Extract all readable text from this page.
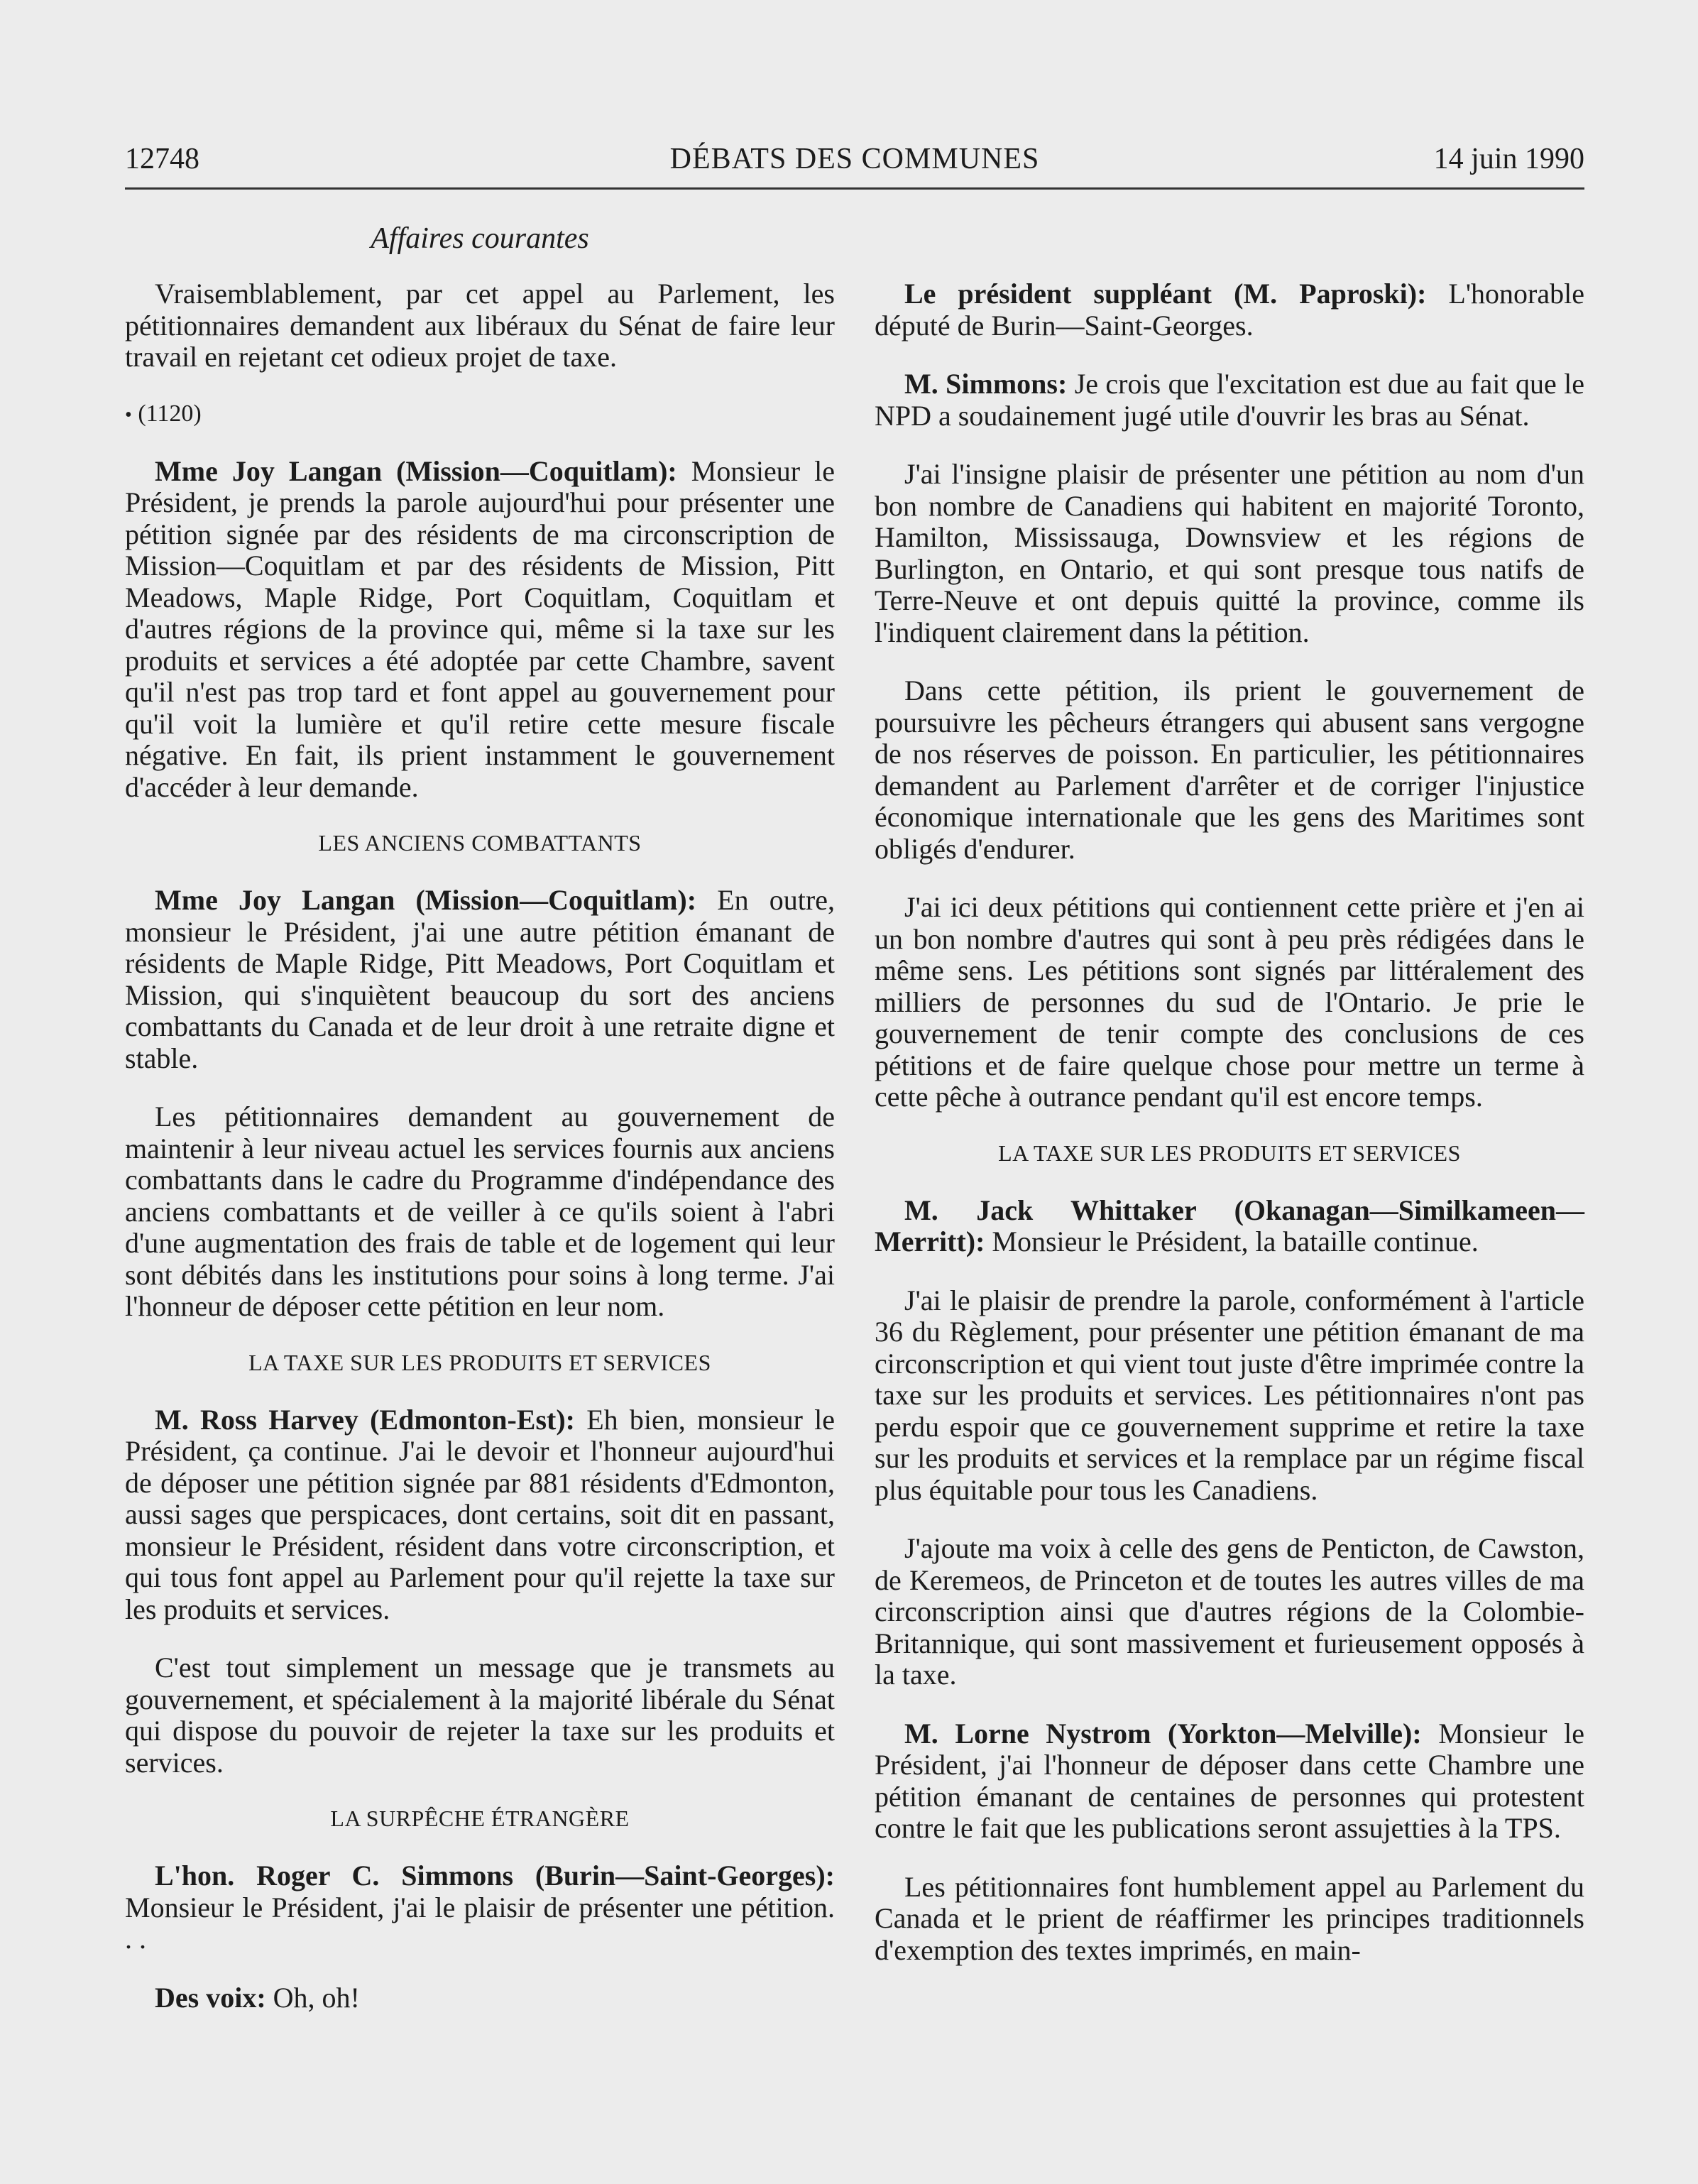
12748	DÉBATS DES COMMUNES	14 juin 1990
Affaires courantes

Vraisemblablement, par cet appel au Parlement, les pétitionnaires demandent aux libéraux du Sénat de faire leur travail en rejetant cet odieux projet de taxe.

• (1120)

Mme Joy Langan (Mission—Coquitlam): Monsieur le Président, je prends la parole aujourd'hui pour présenter une pétition signée par des résidents de ma circonscription de Mission—Coquitlam et par des résidents de Mission, Pitt Meadows, Maple Ridge, Port Coquitlam, Coquitlam et d'autres régions de la province qui, même si la taxe sur les produits et services a été adoptée par cette Chambre, savent qu'il n'est pas trop tard et font appel au gouvernement pour qu'il voit la lumière et qu'il retire cette mesure fiscale négative. En fait, ils prient instamment le gouvernement d'accéder à leur demande.

LES ANCIENS COMBATTANTS

Mme Joy Langan (Mission—Coquitlam): En outre, monsieur le Président, j'ai une autre pétition émanant de résidents de Maple Ridge, Pitt Meadows, Port Coquitlam et Mission, qui s'inquiètent beaucoup du sort des anciens combattants du Canada et de leur droit à une retraite digne et stable.

Les pétitionnaires demandent au gouvernement de maintenir à leur niveau actuel les services fournis aux anciens combattants dans le cadre du Programme d'indépendance des anciens combattants et de veiller à ce qu'ils soient à l'abri d'une augmentation des frais de table et de logement qui leur sont débités dans les institutions pour soins à long terme. J'ai l'honneur de déposer cette pétition en leur nom.

LA TAXE SUR LES PRODUITS ET SERVICES

M. Ross Harvey (Edmonton-Est): Eh bien, monsieur le Président, ça continue. J'ai le devoir et l'honneur aujourd'hui de déposer une pétition signée par 881 résidents d'Edmonton, aussi sages que perspicaces, dont certains, soit dit en passant, monsieur le Président, résident dans votre circonscription, et qui tous font appel au Parlement pour qu'il rejette la taxe sur les produits et services.

C'est tout simplement un message que je transmets au gouvernement, et spécialement à la majorité libérale du Sénat qui dispose du pouvoir de rejeter la taxe sur les produits et services.

LA SURPÊCHE ÉTRANGÈRE

L'hon. Roger C. Simmons (Burin—Saint-Georges): Monsieur le Président, j'ai le plaisir de présenter une pétition. . .

Des voix: Oh, oh!

Le président suppléant (M. Paproski): L'honorable député de Burin—Saint-Georges.

M. Simmons: Je crois que l'excitation est due au fait que le NPD a soudainement jugé utile d'ouvrir les bras au Sénat.

J'ai l'insigne plaisir de présenter une pétition au nom d'un bon nombre de Canadiens qui habitent en majorité Toronto, Hamilton, Mississauga, Downsview et les régions de Burlington, en Ontario, et qui sont presque tous natifs de Terre-Neuve et ont depuis quitté la province, comme ils l'indiquent clairement dans la pétition.

Dans cette pétition, ils prient le gouvernement de poursuivre les pêcheurs étrangers qui abusent sans vergogne de nos réserves de poisson. En particulier, les pétitionnaires demandent au Parlement d'arrêter et de corriger l'injustice économique internationale que les gens des Maritimes sont obligés d'endurer.

J'ai ici deux pétitions qui contiennent cette prière et j'en ai un bon nombre d'autres qui sont à peu près rédigées dans le même sens. Les pétitions sont signés par littéralement des milliers de personnes du sud de l'Ontario. Je prie le gouvernement de tenir compte des conclusions de ces pétitions et de faire quelque chose pour mettre un terme à cette pêche à outrance pendant qu'il est encore temps.

LA TAXE SUR LES PRODUITS ET SERVICES

M. Jack Whittaker (Okanagan—Similkameen—Merritt): Monsieur le Président, la bataille continue.

J'ai le plaisir de prendre la parole, conformément à l'article 36 du Règlement, pour présenter une pétition émanant de ma circonscription et qui vient tout juste d'être imprimée contre la taxe sur les produits et services. Les pétitionnaires n'ont pas perdu espoir que ce gouvernement supprime et retire la taxe sur les produits et services et la remplace par un régime fiscal plus équitable pour tous les Canadiens.

J'ajoute ma voix à celle des gens de Penticton, de Cawston, de Keremeos, de Princeton et de toutes les autres villes de ma circonscription ainsi que d'autres régions de la Colombie-Britannique, qui sont massivement et furieusement opposés à la taxe.

M. Lorne Nystrom (Yorkton—Melville): Monsieur le Président, j'ai l'honneur de déposer dans cette Chambre une pétition émanant de centaines de personnes qui protestent contre le fait que les publications seront assujetties à la TPS.

Les pétitionnaires font humblement appel au Parlement du Canada et le prient de réaffirmer les principes traditionnels d'exemption des textes imprimés, en main-
